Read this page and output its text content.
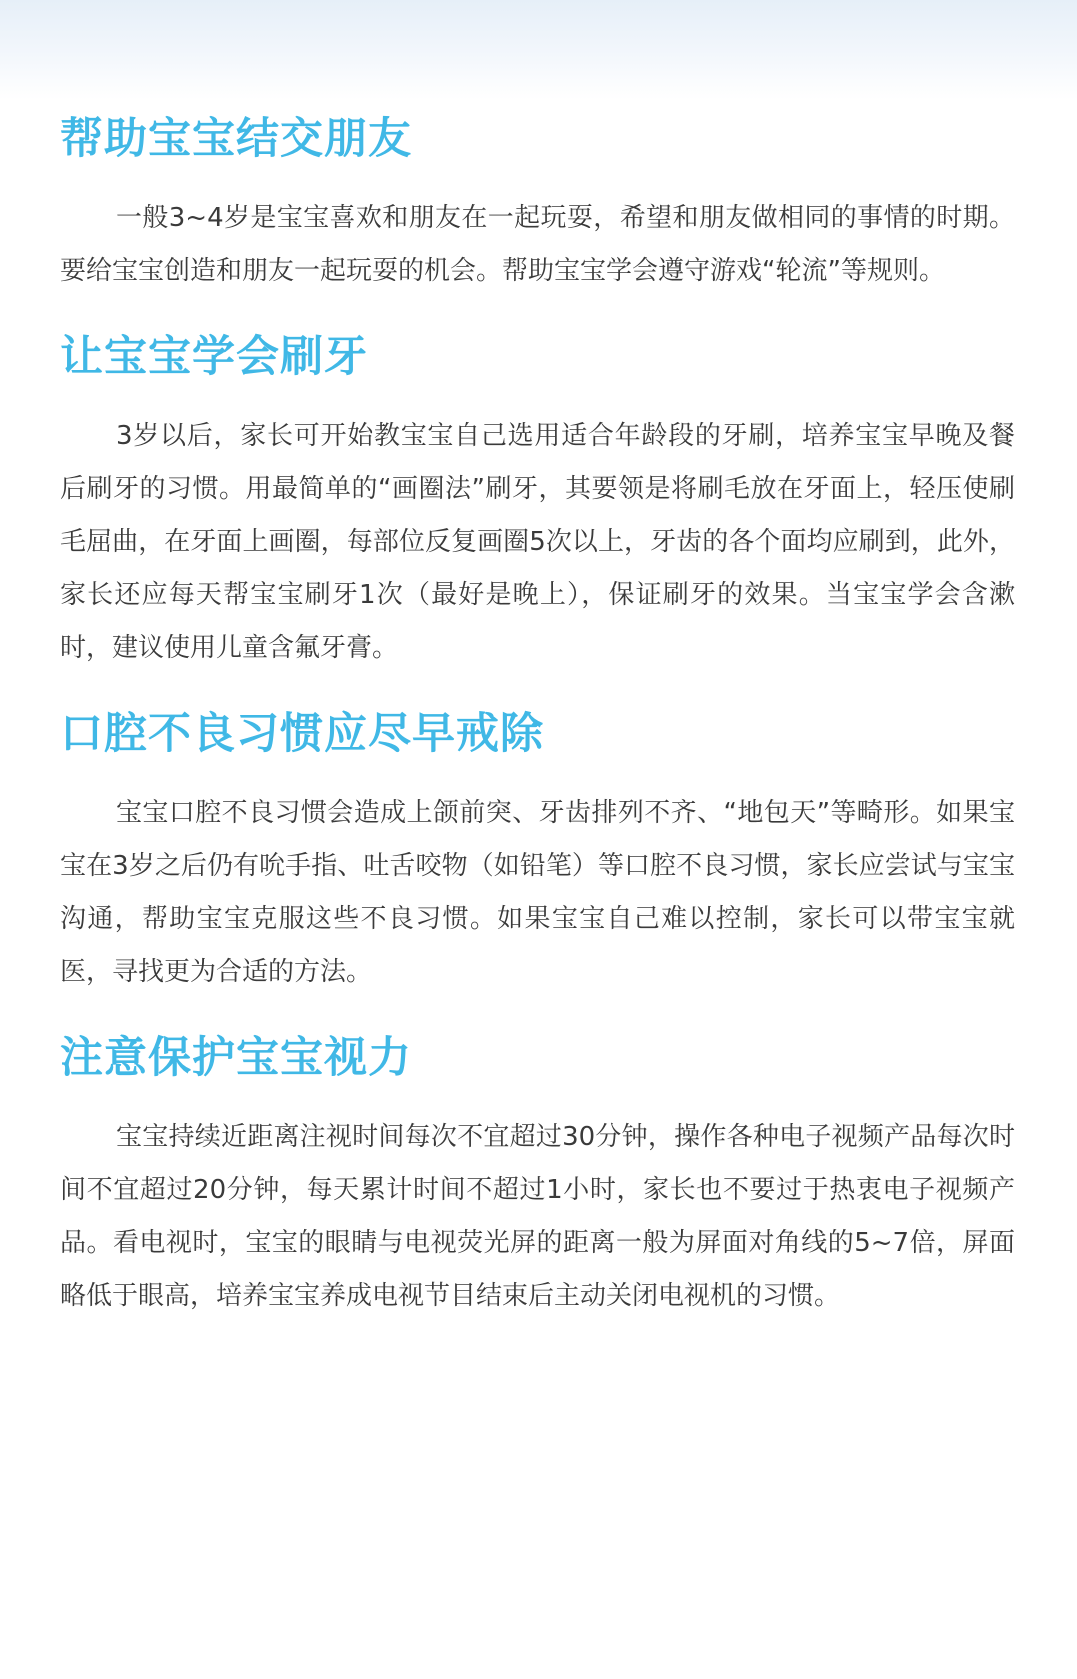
帮助宝宝结交朋友

一般3~4岁是宝宝喜欢和朋友在一起玩耍，希望和朋友做相同的事情的时期。要给宝宝创造和朋友一起玩耍的机会。帮助宝宝学会遵守游戏“轮流”等规则。

让宝宝学会刷牙

3岁以后，家长可开始教宝宝自己选用适合年龄段的牙刷，培养宝宝早晚及餐后刷牙的习惯。用最简单的“画圈法”刷牙，其要领是将刷毛放在牙面上，轻压使刷毛屈曲，在牙面上画圈，每部位反复画圈5次以上，牙齿的各个面均应刷到，此外，家长还应每天帮宝宝刷牙1次（最好是晚上），保证刷牙的效果。当宝宝学会含漱时，建议使用儿童含氟牙膏。

口腔不良习惯应尽早戒除

宝宝口腔不良习惯会造成上颌前突、牙齿排列不齐、“地包天”等畸形。如果宝宝在3岁之后仍有吮手指、吐舌咬物（如铅笔）等口腔不良习惯，家长应尝试与宝宝沟通，帮助宝宝克服这些不良习惯。如果宝宝自己难以控制，家长可以带宝宝就医，寻找更为合适的方法。

注意保护宝宝视力

宝宝持续近距离注视时间每次不宜超过30分钟，操作各种电子视频产品每次时间不宜超过20分钟，每天累计时间不超过1小时，家长也不要过于热衷电子视频产品。看电视时，宝宝的眼睛与电视荧光屏的距离一般为屏面对角线的5~7倍，屏面略低于眼高，培养宝宝养成电视节目结束后主动关闭电视机的习惯。
